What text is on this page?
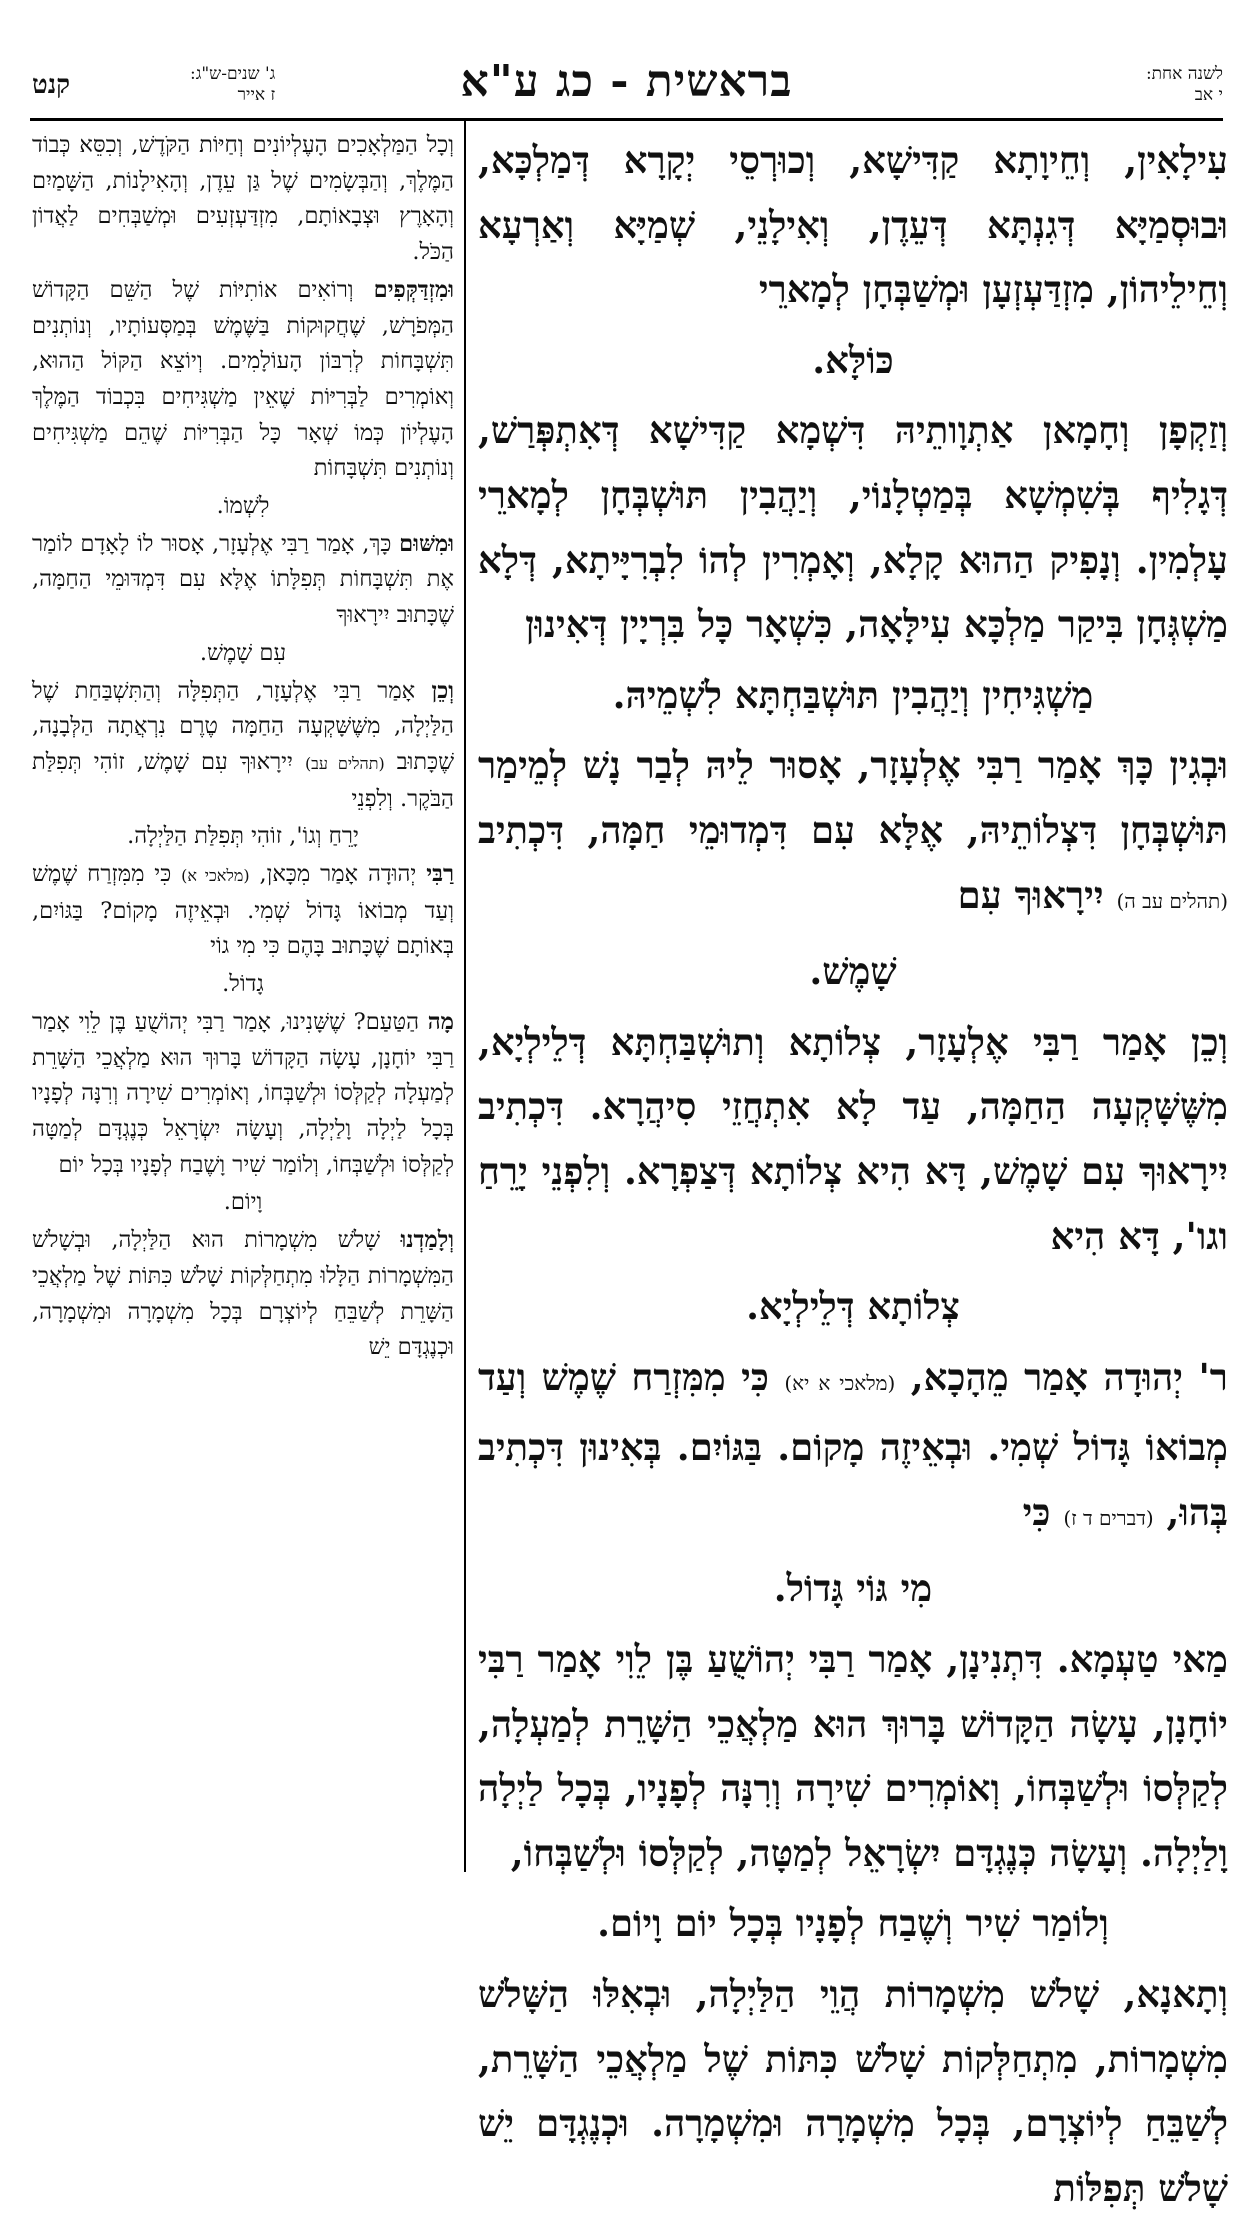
לשנה אחת:
י אב
בראשית - כג ע"א
ג' שנים-ש"ג:
ז אייר
קנט

עִילָאִין, וְחֵיוָתָא קַדִּישָׁא, וְכוּרְסֵי יְקָרָא דְּמַלְכָּא, וּבוּסְמַיָּא דְּגִנְתָּא דְּעֵדֶן, וְאִילָנֵי, שְׁמַיָּא וְאַרְעָא וְחֵילֵיהוֹן, מִזְדַּעְזְעָן וּמְשַׁבְּחָן לְמָארֵי

כּוֹלָּא.

וְזַקְפָן וְחָמָאן אַתְוָותֵיהּ דִּשְׁמָא קַדִּישָׁא דְּאִתְפְּרַשׁ, דְּגָלִיף בְּשִׁמְשָׁא בְּמַטְלָנוֹי, וְיַהֲבִין תּוּשְׁבְּחָן לְמָארֵי עָלְמִין. וְנָפִיק הַהוּא קָלָא, וְאָמְרִין לְהוֹ לִבְרִיָּיתָא, דְּלָא מַשְׁגְּחָן בִּיקַר מַלְכָּא עִילָּאָה, כִּשְׁאָר כָּל בִּרְיָין דְּאִינוּן

מַשְׁגִּיחִין וְיַהֲבִין תּוּשְׁבַּחְתָּא לִשְׁמֵיהּ.

וּבְגִין כָּךְ אָמַר רַבִּי אֶלְעָזָר, אָסוּר לֵיהּ לְבַר נָשׁ לְמֵימַר תּוּשְׁבְּחָן דִּצְלוֹתֵיהּ, אֶלָּא עִם דִּמְדוּמֵי חַמָּה, דִּכְתִיב (תהלים עב ה) יִירָאוּךָ עִם

שָׁמֶשׁ.

וְכֵן אָמַר רַבִּי אֶלְעָזָר, צְלוֹתָא וְתוּשְׁבַּחְתָּא דְּלֵילְיָא, מִשֶּׁשָּׁקְעָה הַחַמָּה, עַד לָא אִתְחֲזֵי סִיהֲרָא. דִּכְתִיב יִירָאוּךָ עִם שָׁמֶשׁ, דָּא הִיא צְלוֹתָא דְּצַפְרָא. וְלִפְנֵי יָרֵחַ וגו', דָּא הִיא

צְלוֹתָא דְּלֵילְיָא.

ר' יְהוּדָה אָמַר מֵהָכָא, (מלאכי א יא) כִּי מִמִּזְרַח שֶׁמֶשׁ וְעַד מְבוֹאוֹ גָּדוֹל שְׁמִי. וּבְאֵיזֶה מָקוֹם. בַּגּוֹיִם. בְּאִינוּן דִּכְתִיב בְּהוּ, (דברים ד ז) כִּי

מִי גּוֹי גָּדוֹל.

מַאי טַעְמָא. דִּתְנִינָן, אָמַר רַבִּי יְהוֹשֻׁעַ בֶּן לֵוִי אָמַר רַבִּי יוֹחָנָן, עָשָׂה הַקָּדוֹשׁ בָּרוּךְ הוּא מַלְאֲכֵי הַשָּׁרֵת לְמַעְלָה, לְקַלְּסוֹ וּלְשַׁבְּחוֹ, וְאוֹמְרִים שִׁירָה וְרִנָּה לְפָנָיו, בְּכָל לַיְלָה וָלַיְלָה. וְעָשָׂה כְּנֶגְדָּם יִשְׂרָאֵל לְמַטָּה, לְקַלְּסוֹ וּלְשַׁבְּחוֹ,

וְלוֹמַר שִׁיר וְשֶׁבַח לְפָנָיו בְּכָל יוֹם וָיוֹם.

וְתָאנָא, שָׁלֹשׁ מִשְׁמָרוֹת הֲוֵי הַלַּיְלָה, וּבְאִלּוּ הַשָּׁלֹשׁ מִשְׁמָרוֹת, מִתְחַלְּקוֹת שָׁלֹשׁ כִּתּוֹת שֶׁל מַלְאֲכֵי הַשָּׁרֵת, לְשַׁבֵּחַ לְיוֹצְרָם, בְּכָל מִשְׁמָרָה וּמִשְׁמָרָה. וּכְנֶגְדָּם יֵשׁ שָׁלֹשׁ תְּפִלּוֹת

וְכָל הַמַּלְאָכִים הָעֶלְיוֹנִים וְחַיּוֹת הַקֹּדֶשׁ, וְכִסֵּא כְּבוֹד הַמֶּלֶךְ, וְהַבְּשָׂמִים שֶׁל גַּן עֵדֶן, וְהָאִילָנוֹת, הַשָּׁמַיִם וְהָאָרֶץ וּצְבָאוֹתָם, מִזְדַּעְזְעִים וּמְשַׁבְּחִים לַאֲדוֹן הַכֹּל.

וּמִזְדַּקְּפִים וְרוֹאִים אוֹתִיּוֹת שֶׁל הַשֵּׁם הַקָּדוֹשׁ הַמְּפֹרָשׁ, שֶׁחֲקוּקוֹת בַּשֶּׁמֶשׁ בְּמַסְּעוֹתָיו, וְנוֹתְנִים תִּשְׁבָּחוֹת לְרִבּוֹן הָעוֹלָמִים. וְיוֹצֵא הַקּוֹל הַהוּא, וְאוֹמְרִים לַבְּרִיּוֹת שֶׁאֵין מַשְׁגִּיחִים בִּכְבוֹד הַמֶּלֶךְ הָעֶלְיוֹן כְּמוֹ שְׁאָר כָּל הַבְּרִיּוֹת שֶׁהֵם מַשְׁגִּיחִים וְנוֹתְנִים תִּשְׁבָּחוֹת

לִשְׁמוֹ.

וּמִשּׁוּם כָּךְ, אָמַר רַבִּי אֶלְעָזָר, אָסוּר לוֹ לָאָדָם לוֹמַר אֶת תִּשְׁבָּחוֹת תְּפִלָּתוֹ אֶלָּא עִם דִּמְדּוּמֵי הַחַמָּה, שֶׁכָּתוּב יִירָאוּךָ

עִם שָׁמֶשׁ.

וְכֵן אָמַר רַבִּי אֶלְעָזָר, הַתְּפִלָּה וְהַתִּשְׁבַּחַת שֶׁל הַלַּיְלָה, מִשֶּׁשָּׁקְעָה הַחַמָּה טֶרֶם נִרְאֲתָה הַלְּבָנָה, שֶׁכָּתוּב (תהלים עב) יִירָאוּךָ עִם שָׁמֶשׁ, זוֹהִי תְּפִלַּת הַבֹּקֶר. וְלִפְנֵי

יָרֵחַ וְגוֹ', זוֹהִי תְּפִלַּת הַלַּיְלָה.

רַבִּי יְהוּדָה אָמַר מִכָּאן, (מלאכי א) כִּי מִמִּזְרַח שֶׁמֶשׁ וְעַד מְבוֹאוֹ גָּדוֹל שְׁמִי. וּבְאֵיזֶה מָקוֹם? בַּגּוֹיִם, בְּאוֹתָם שֶׁכָּתוּב בָּהֶם כִּי מִי גוֹי

גָדוֹל.

מָה הַטַּעַם? שֶׁשָּׁנִינוּ, אָמַר רַבִּי יְהוֹשֻׁעַ בֶּן לֵוִי אָמַר רַבִּי יוֹחָנָן, עָשָׂה הַקָּדוֹשׁ בָּרוּךְ הוּא מַלְאֲכֵי הַשָּׁרֵת לְמַעְלָה לְקַלְּסוֹ וּלְשַׁבְּחוֹ, וְאוֹמְרִים שִׁירָה וְרִנָּה לְפָנָיו בְּכָל לַיְלָה וָלַיְלָה, וְעָשָׂה יִשְׂרָאֵל כְּנֶגְדָּם לְמַטָּה לְקַלְּסוֹ וּלְשַׁבְּחוֹ, וְלוֹמַר שִׁיר וָשֶׁבַח לְפָנָיו בְּכָל יוֹם

וָיוֹם.

וְלָמַדְנוּ שָׁלֹשׁ מִשְׁמָרוֹת הוּא הַלַּיְלָה, וּבְשָׁלֹשׁ הַמִּשְׁמָרוֹת הַלָּלוּ מִתְחַלְּקוֹת שָׁלֹשׁ כִּתּוֹת שֶׁל מַלְאֲכֵי הַשָּׁרֵת לְשַׁבֵּחַ לְיוֹצְרָם בְּכָל מִשְׁמָרָה וּמִשְׁמָרָה, וּכְנֶגְדָּם יֵשׁ
